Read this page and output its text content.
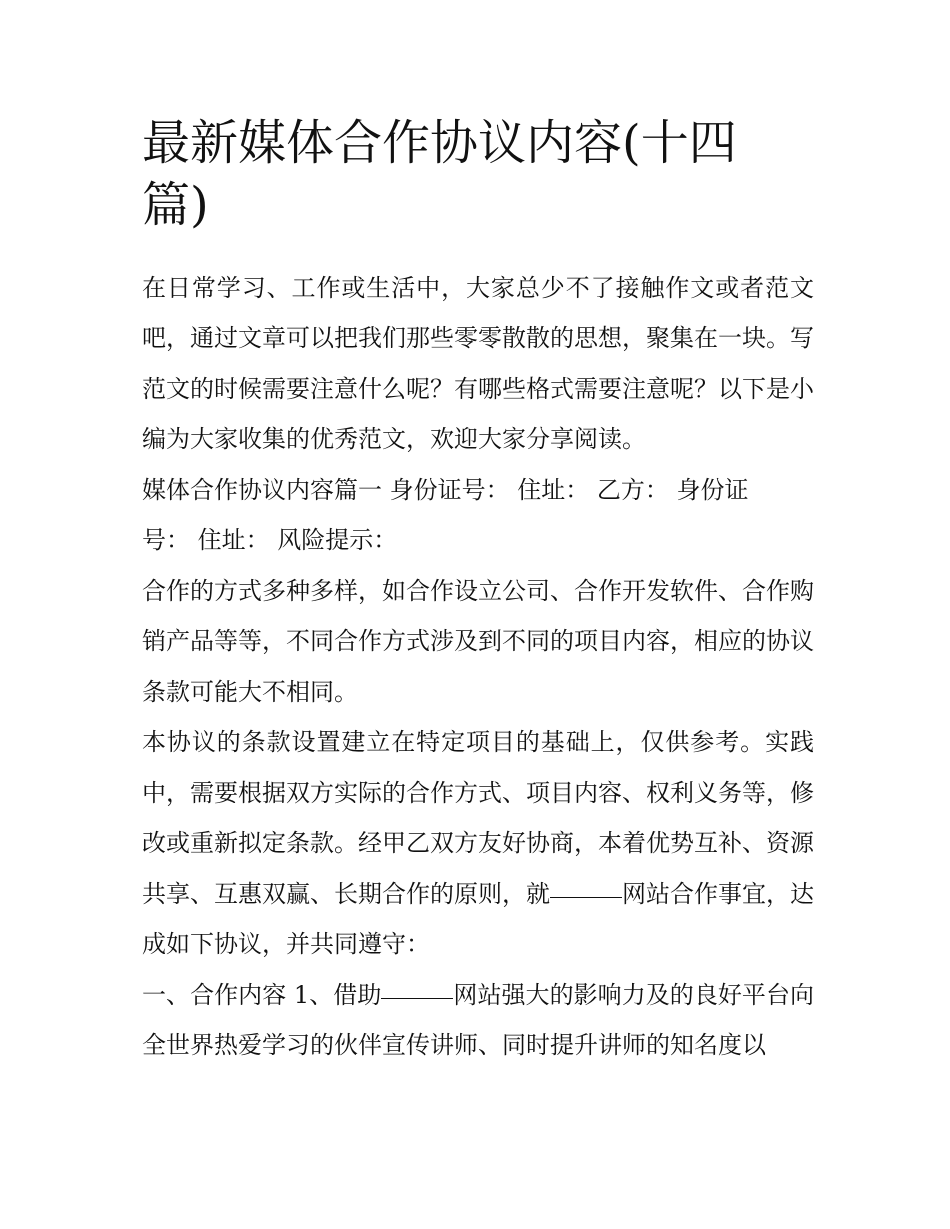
最新媒体合作协议内容(十四篇)

在日常学习、工作或生活中，大家总少不了接触作文或者范文吧，通过文章可以把我们那些零零散散的思想，聚集在一块。写范文的时候需要注意什么呢？有哪些格式需要注意呢？以下是小编为大家收集的优秀范文，欢迎大家分享阅读。

媒体合作协议内容篇一 身份证号： 住址： 乙方： 身份证号： 住址： 风险提示：

合作的方式多种多样，如合作设立公司、合作开发软件、合作购销产品等等，不同合作方式涉及到不同的项目内容，相应的协议条款可能大不相同。

本协议的条款设置建立在特定项目的基础上，仅供参考。实践中，需要根据双方实际的合作方式、项目内容、权利义务等，修改或重新拟定条款。经甲乙双方友好协商，本着优势互补、资源共享、互惠双赢、长期合作的原则，就	网站合作事宜，达成如下协议，并共同遵守：

一、合作内容 1、借助	网站强大的影响力及的良好平台向全世界热爱学习的伙伴宣传讲师、同时提升讲师的知名度以
